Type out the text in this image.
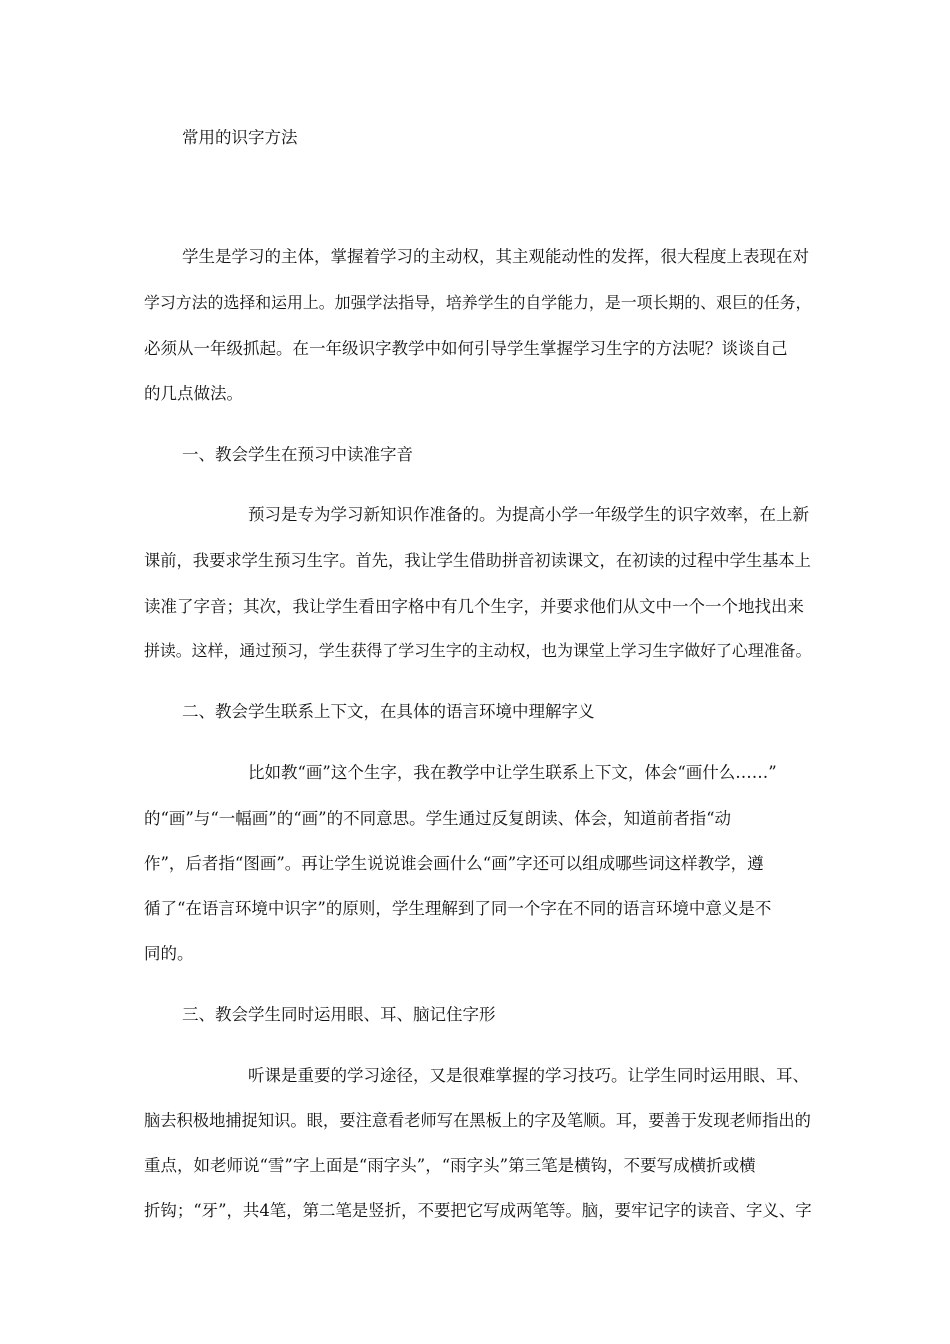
常用的识字方法

学生是学习的主体，掌握着学习的主动权，其主观能动性的发挥，很大程度上表现在对

学习方法的选择和运用上。加强学法指导，培养学生的自学能力，是一项长期的、艰巨的任务，

必须从一年级抓起。在一年级识字教学中如何引导学生掌握学习生字的方法呢？谈谈自己

的几点做法。

一、教会学生在预习中读准字音

预习是专为学习新知识作准备的。为提高小学一年级学生的识字效率，在上新

课前，我要求学生预习生字。首先，我让学生借助拼音初读课文，在初读的过程中学生基本上

读准了字音；其次，我让学生看田字格中有几个生字，并要求他们从文中一个一个地找出来

拼读。这样，通过预习，学生获得了学习生字的主动权，也为课堂上学习生字做好了心理准备。

二、教会学生联系上下文，在具体的语言环境中理解字义

比如教“画”这个生字，我在教学中让学生联系上下文，体会“画什么……”

的“画”与“一幅画”的“画”的不同意思。学生通过反复朗读、体会，知道前者指“动

作”，后者指“图画”。再让学生说说谁会画什么“画”字还可以组成哪些词这样教学，遵

循了“在语言环境中识字”的原则，学生理解到了同一个字在不同的语言环境中意义是不

同的。

三、教会学生同时运用眼、耳、脑记住字形

听课是重要的学习途径，又是很难掌握的学习技巧。让学生同时运用眼、耳、

脑去积极地捕捉知识。眼，要注意看老师写在黑板上的字及笔顺。耳，要善于发现老师指出的

重点，如老师说“雪”字上面是“雨字头”，“雨字头”第三笔是横钩，不要写成横折或横

折钩；“牙”，共4笔，第二笔是竖折，不要把它写成两笔等。脑，要牢记字的读音、字义、字
